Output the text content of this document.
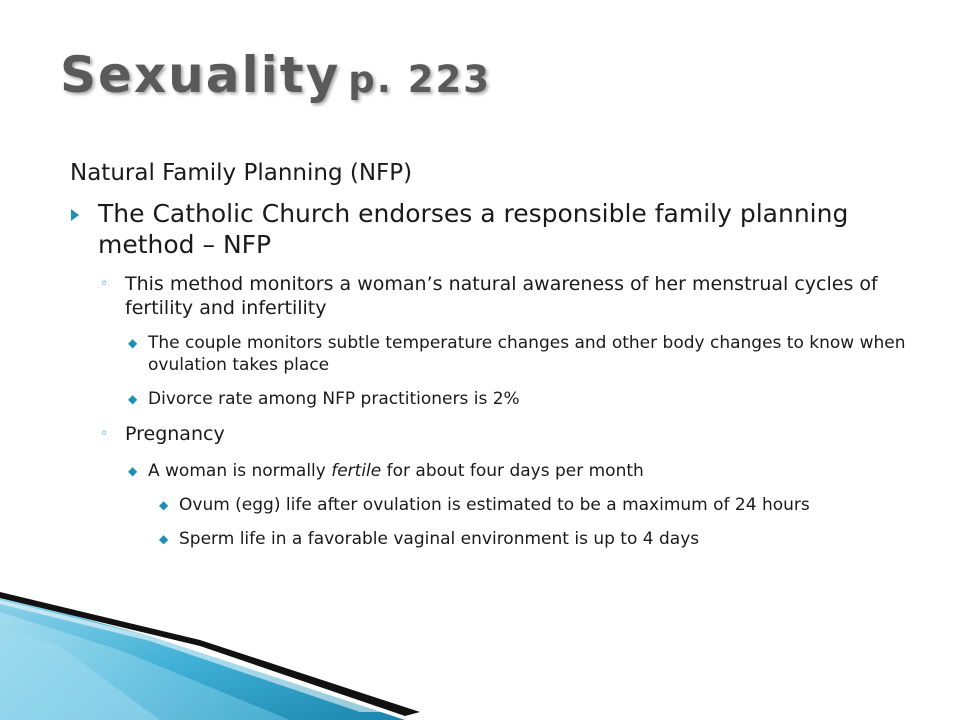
Sexuality p. 223
Natural Family Planning (NFP)
The Catholic Church endorses a responsible family planning method – NFP
◦ This method monitors a woman’s natural awareness of her menstrual cycles of fertility and infertility
◆ The couple monitors subtle temperature changes and other body changes to know when ovulation takes place
◆ Divorce rate among NFP practitioners is 2%
◦ Pregnancy
◆ A woman is normally fertile for about four days per month
◆ Ovum (egg) life after ovulation is estimated to be a maximum of 24 hours
◆ Sperm life in a favorable vaginal environment is up to 4 days
